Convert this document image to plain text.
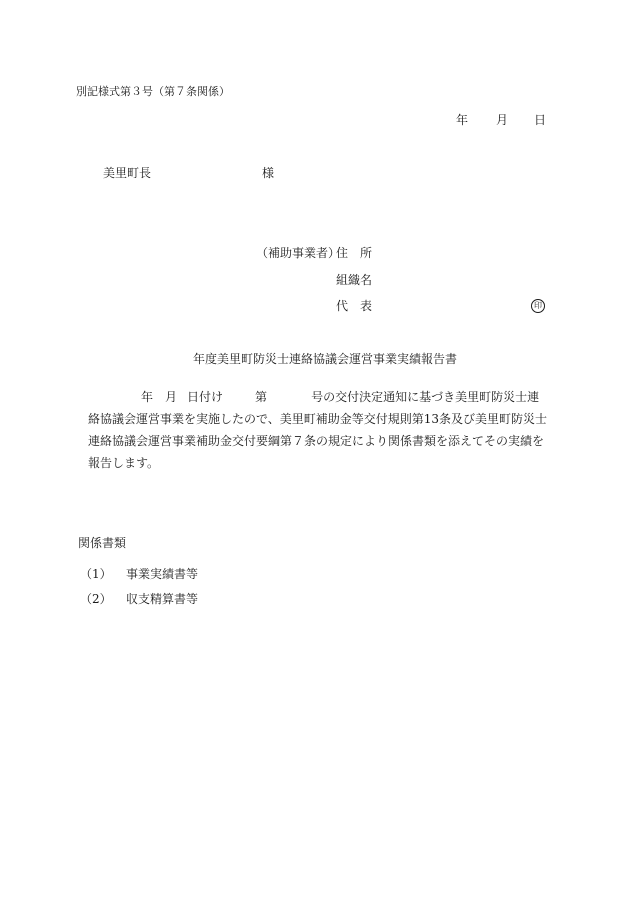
別記様式第３号（第７条関係）
年 月 日
美里町長	様
（補助事業者）
住　所
組織名
代　表	印
年度美里町防災士連絡協議会運営事業実績報告書
年 月 日付け	第	号の交付決定通知に基づき美里町防災士連
絡協議会運営事業を実施したので、美里町補助金等交付規則第13条及び美里町防災士
連絡協議会運営事業補助金交付要綱第７条の規定により関係書類を添えてその実績を
報告します。
関係書類
（1） 事業実績書等
（2） 収支精算書等
